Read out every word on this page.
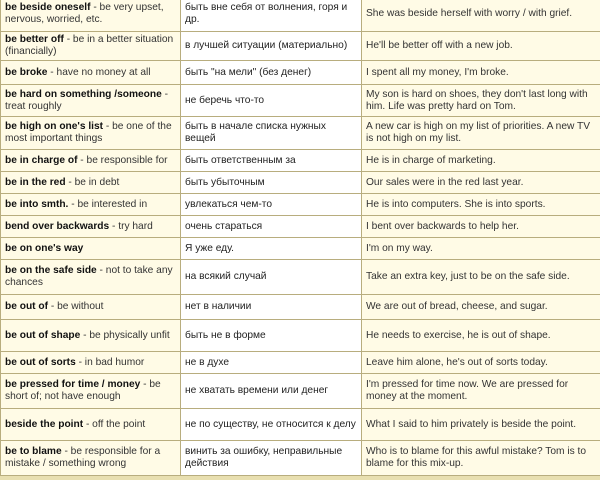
be beside oneself - be very upset, nervous, worried, etc.	быть вне себя от волнения, горя и др.	She was beside herself with worry / with grief.
be better off - be in a better situation (financially)	в лучшей ситуации (материально)	He'll be better off with a new job.
be broke - have no money at all	быть "на мели" (без денег)	I spent all my money, I'm broke.
be hard on something /someone - treat roughly	не беречь что-то	My son is hard on shoes, they don't last long with him. Life was pretty hard on Tom.
be high on one's list - be one of the most important things	быть в начале списка нужных вещей	A new car is high on my list of priorities. A new TV is not high on my list.
be in charge of - be responsible for	быть ответственным за	He is in charge of marketing.
be in the red - be in debt	быть убыточным	Our sales were in the red last year.
be into smth. - be interested in	увлекаться чем-то	He is into computers. She is into sports.
bend over backwards - try hard	очень стараться	I bent over backwards to help her.
be on one's way	Я уже еду.	I'm on my way.
be on the safe side - not to take any chances	на всякий случай	Take an extra key, just to be on the safe side.
be out of - be without	нет в наличии	We are out of bread, cheese, and sugar.
be out of shape - be physically unfit	быть не в форме	He needs to exercise, he is out of shape.
be out of sorts - in bad humor	не в духе	Leave him alone, he's out of sorts today.
be pressed for time / money - be short of; not have enough	не хватать времени или денег	I'm pressed for time now. We are pressed for money at the moment.
beside the point - off the point	не по существу, не относится к делу	What I said to him privately is beside the point.
be to blame - be responsible for a mistake / something wrong	винить за ошибку, неправильные действия	Who is to blame for this awful mistake? Tom is to blame for this mix-up.
